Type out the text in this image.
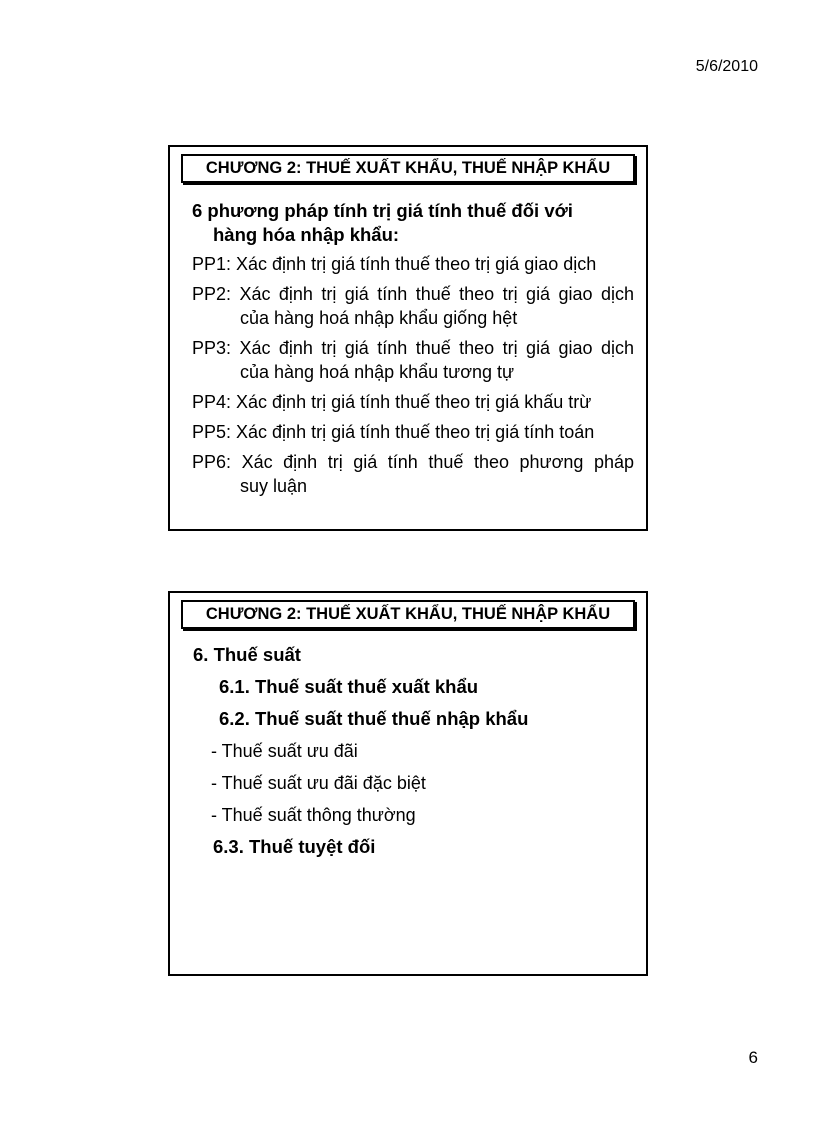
5/6/2010
CHƯƠNG 2: THUẾ XUẤT KHẨU, THUẾ NHẬP KHẨU
6 phương pháp tính trị giá tính thuế đối với
hàng hóa nhập khẩu:
PP1: Xác định trị giá tính thuế theo trị giá giao dịch
PP2: Xác định trị giá tính thuế theo trị giá giao dịch
của hàng hoá nhập khẩu giống hệt
PP3: Xác định trị giá tính thuế theo trị giá giao dịch
của hàng hoá nhập khẩu tương tự
PP4: Xác định trị giá tính thuế theo trị giá khấu trừ
PP5: Xác định trị giá tính thuế theo trị giá tính toán
PP6: Xác định trị giá tính thuế theo phương pháp
suy luận
CHƯƠNG 2: THUẾ XUẤT KHẨU, THUẾ NHẬP KHẨU
6. Thuế suất
6.1. Thuế suất thuế xuất khẩu
6.2. Thuế suất thuế thuế nhập khẩu
- Thuế suất ưu đãi
- Thuế suất ưu đãi đặc biệt
- Thuế suất thông thường
6.3. Thuế tuyệt đối
6
